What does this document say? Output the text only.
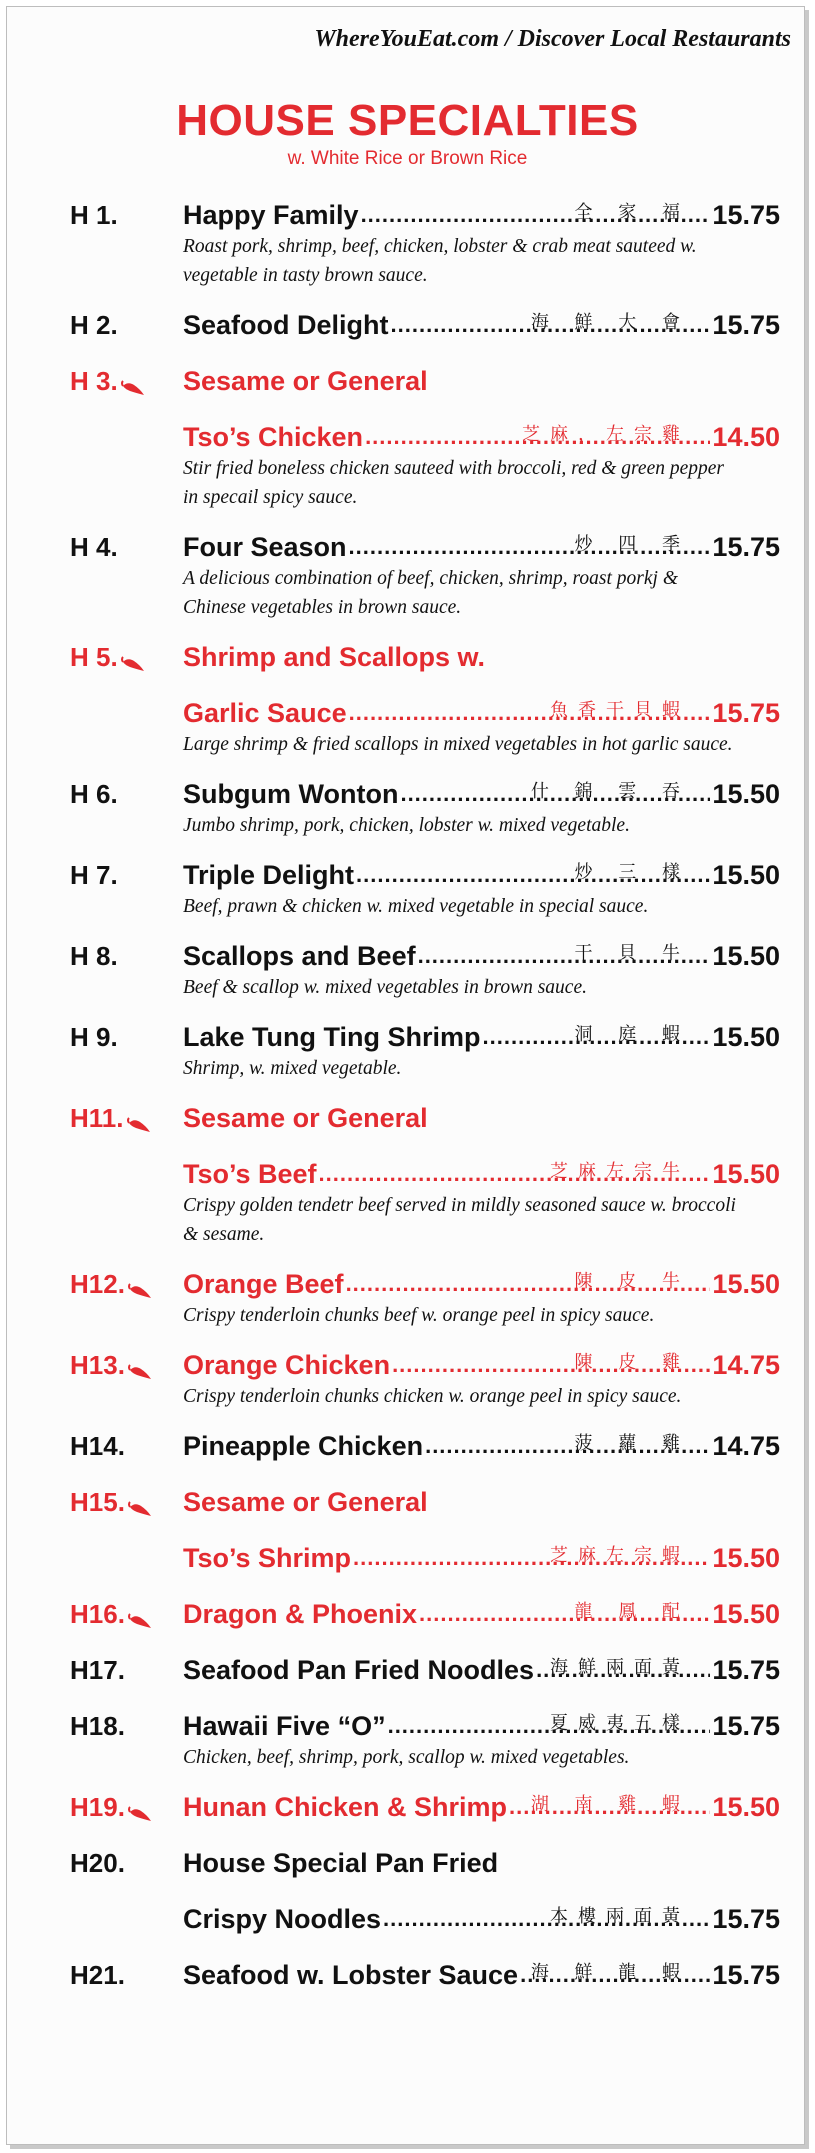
WhereYouEat.com / Discover Local Restaurants
HOUSE SPECIALTIES
w. White Rice or Brown Rice
H 1.	Happy Family .....	全 家 福 15.75
Roast pork, shrimp, beef, chicken, lobster & crab meat sauteed w. vegetable in tasty brown sauce.
H 2.	Seafood Delight .....	海 鮮 大 會 15.75
H 3.	Sesame or General
Tso’s Chicken .....	芝麻，左宗雞 14.50
Stir fried boneless chicken sauteed with broccoli, red & green pepper in specail spicy sauce.
H 4.	Four Season .....	炒 四 季 15.75
A delicious combination of beef, chicken, shrimp, roast porkj & Chinese vegetables in brown sauce.
H 5.	Shrimp and Scallops w.
Garlic Sauce .....	魚香干貝蝦 15.75
Large shrimp & fried scallops in mixed vegetables in hot garlic sauce.
H 6.	Subgum Wonton .....	什 錦 雲 吞 15.50
Jumbo shrimp, pork, chicken, lobster w. mixed vegetable.
H 7.	Triple Delight .....	炒 三 樣 15.50
Beef, prawn & chicken w. mixed vegetable in special sauce.
H 8.	Scallops and Beef .....	干 貝 牛 15.50
Beef & scallop w. mixed vegetables in brown sauce.
H 9.	Lake Tung Ting Shrimp .....	洞 庭 蝦 15.50
Shrimp, w. mixed vegetable.
H11.	Sesame or General
Tso’s Beef .....	芝麻左宗牛 15.50
Crispy golden tendetr beef served in mildly seasoned sauce w. broccoli & sesame.
H12.	Orange Beef .....	陳 皮 牛 15.50
Crispy tenderloin chunks beef w. orange peel in spicy sauce.
H13.	Orange Chicken .....	陳 皮 雞 14.75
Crispy tenderloin chunks chicken w. orange peel in spicy sauce.
H14.	Pineapple Chicken .....	菠 蘿 雞 14.75
H15.	Sesame or General
Tso’s Shrimp .....	芝麻左宗蝦 15.50
H16.	Dragon & Phoenix .....	龍 鳳 配 15.50
H17.	Seafood Pan Fried Noodles ..... 海鮮兩面黃 15.75
H18.	Hawaii Five “O” .....	夏威夷五樣 15.75
Chicken, beef, shrimp, pork, scallop w. mixed vegetables.
H19.	Hunan Chicken & Shrimp ..... 湖 南 雞 蝦 15.50
H20.	House Special Pan Fried
Crispy Noodles .....	本樓兩面黃 15.75
H21.	Seafood w. Lobster Sauce ..... 海 鮮 龍 蝦 15.75
